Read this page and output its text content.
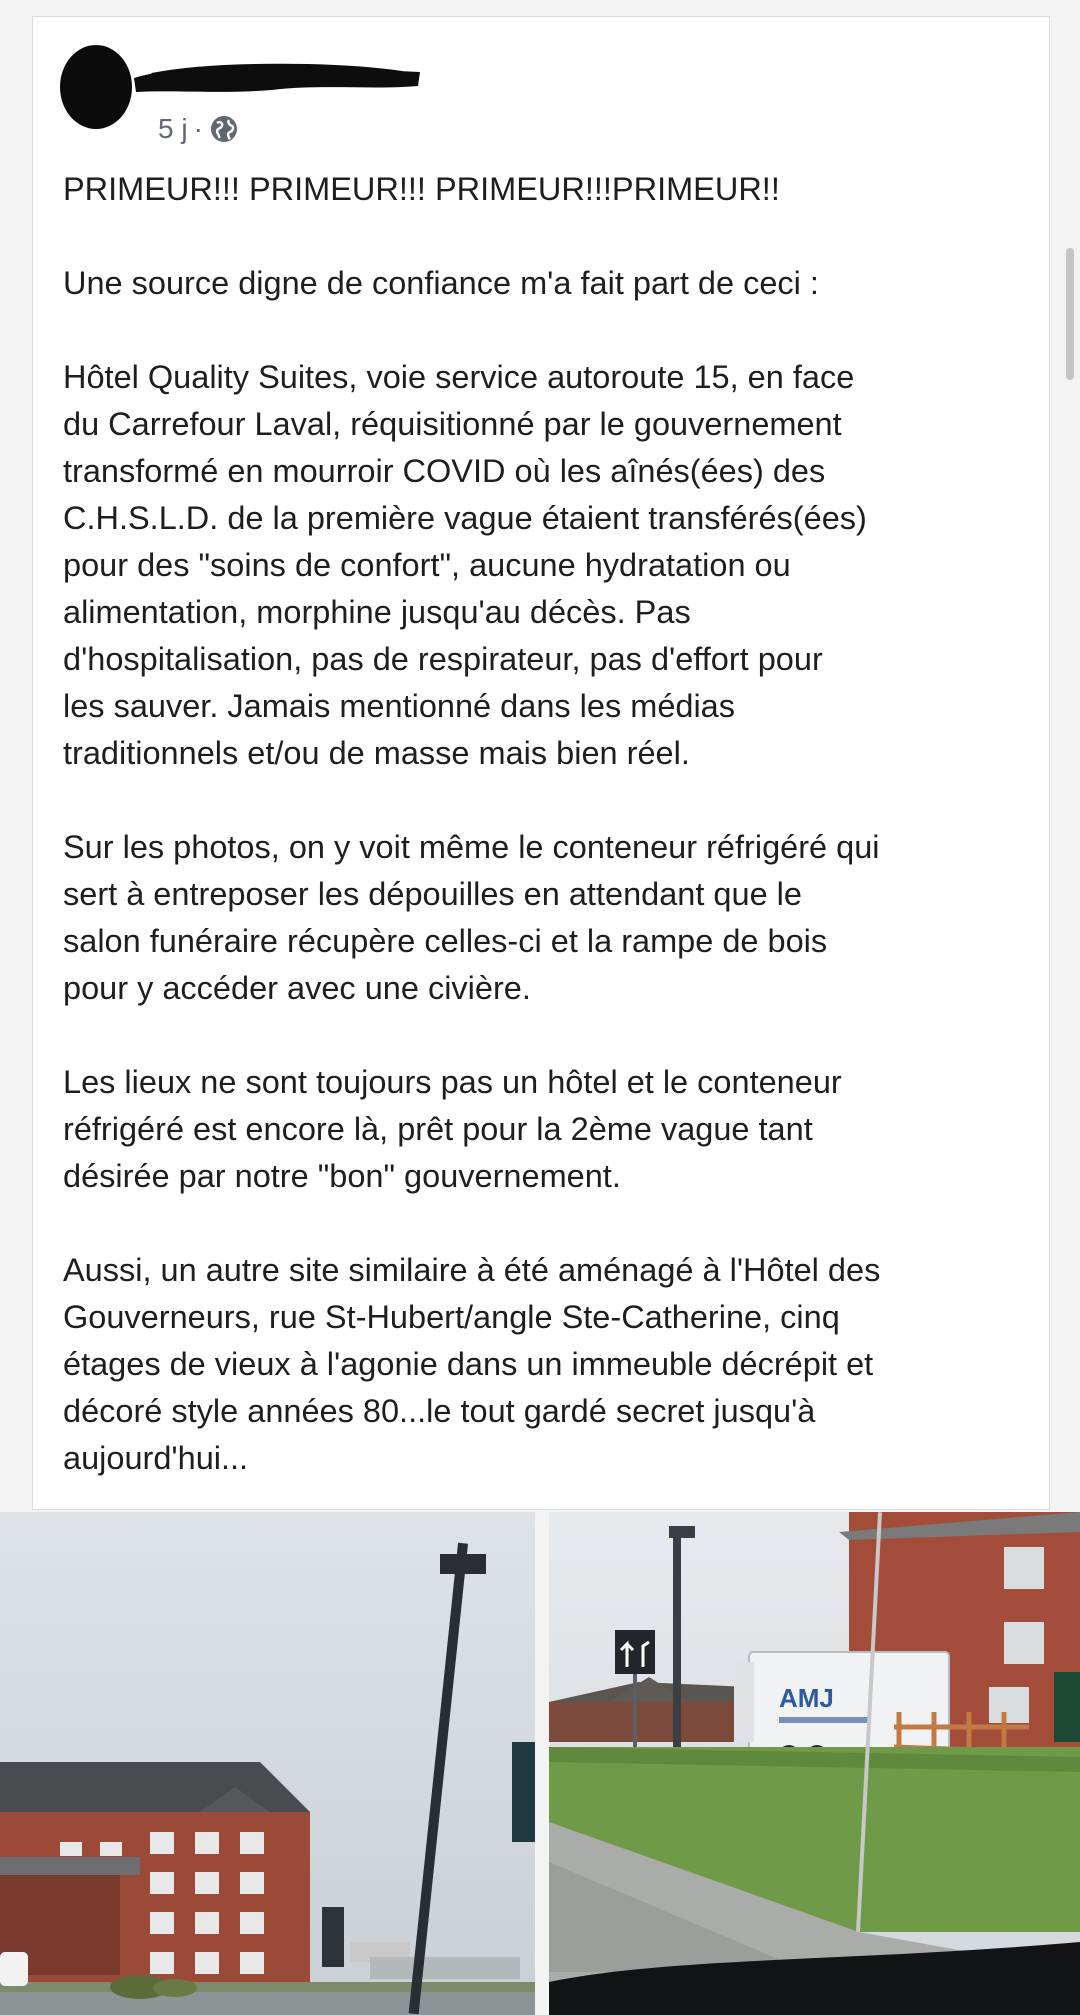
5 j ·

PRIMEUR!!! PRIMEUR!!! PRIMEUR!!!PRIMEUR!!

Une source digne de confiance m'a fait part de ceci :

Hôtel Quality Suites, voie service autoroute 15, en face
du Carrefour Laval, réquisitionné par le gouvernement
transformé en mourroir COVID où les aînés(ées) des
C.H.S.L.D. de la première vague étaient transférés(ées)
pour des "soins de confort", aucune hydratation ou
alimentation, morphine jusqu'au décès. Pas
d'hospitalisation, pas de respirateur, pas d'effort pour
les sauver. Jamais mentionné dans les médias
traditionnels et/ou de masse mais bien réel.

Sur les photos, on y voit même le conteneur réfrigéré qui
sert à entreposer les dépouilles en attendant que le
salon funéraire récupère celles-ci et la rampe de bois
pour y accéder avec une civière.

Les lieux ne sont toujours pas un hôtel et le conteneur
réfrigéré est encore là, prêt pour la 2ème vague tant
désirée par notre "bon" gouvernement.

Aussi, un autre site similaire à été aménagé à l'Hôtel des
Gouverneurs, rue St-Hubert/angle Ste-Catherine, cinq
étages de vieux à l'agonie dans un immeuble décrépit et
décoré style années 80...le tout gardé secret jusqu'à
aujourd'hui...

AMJ
